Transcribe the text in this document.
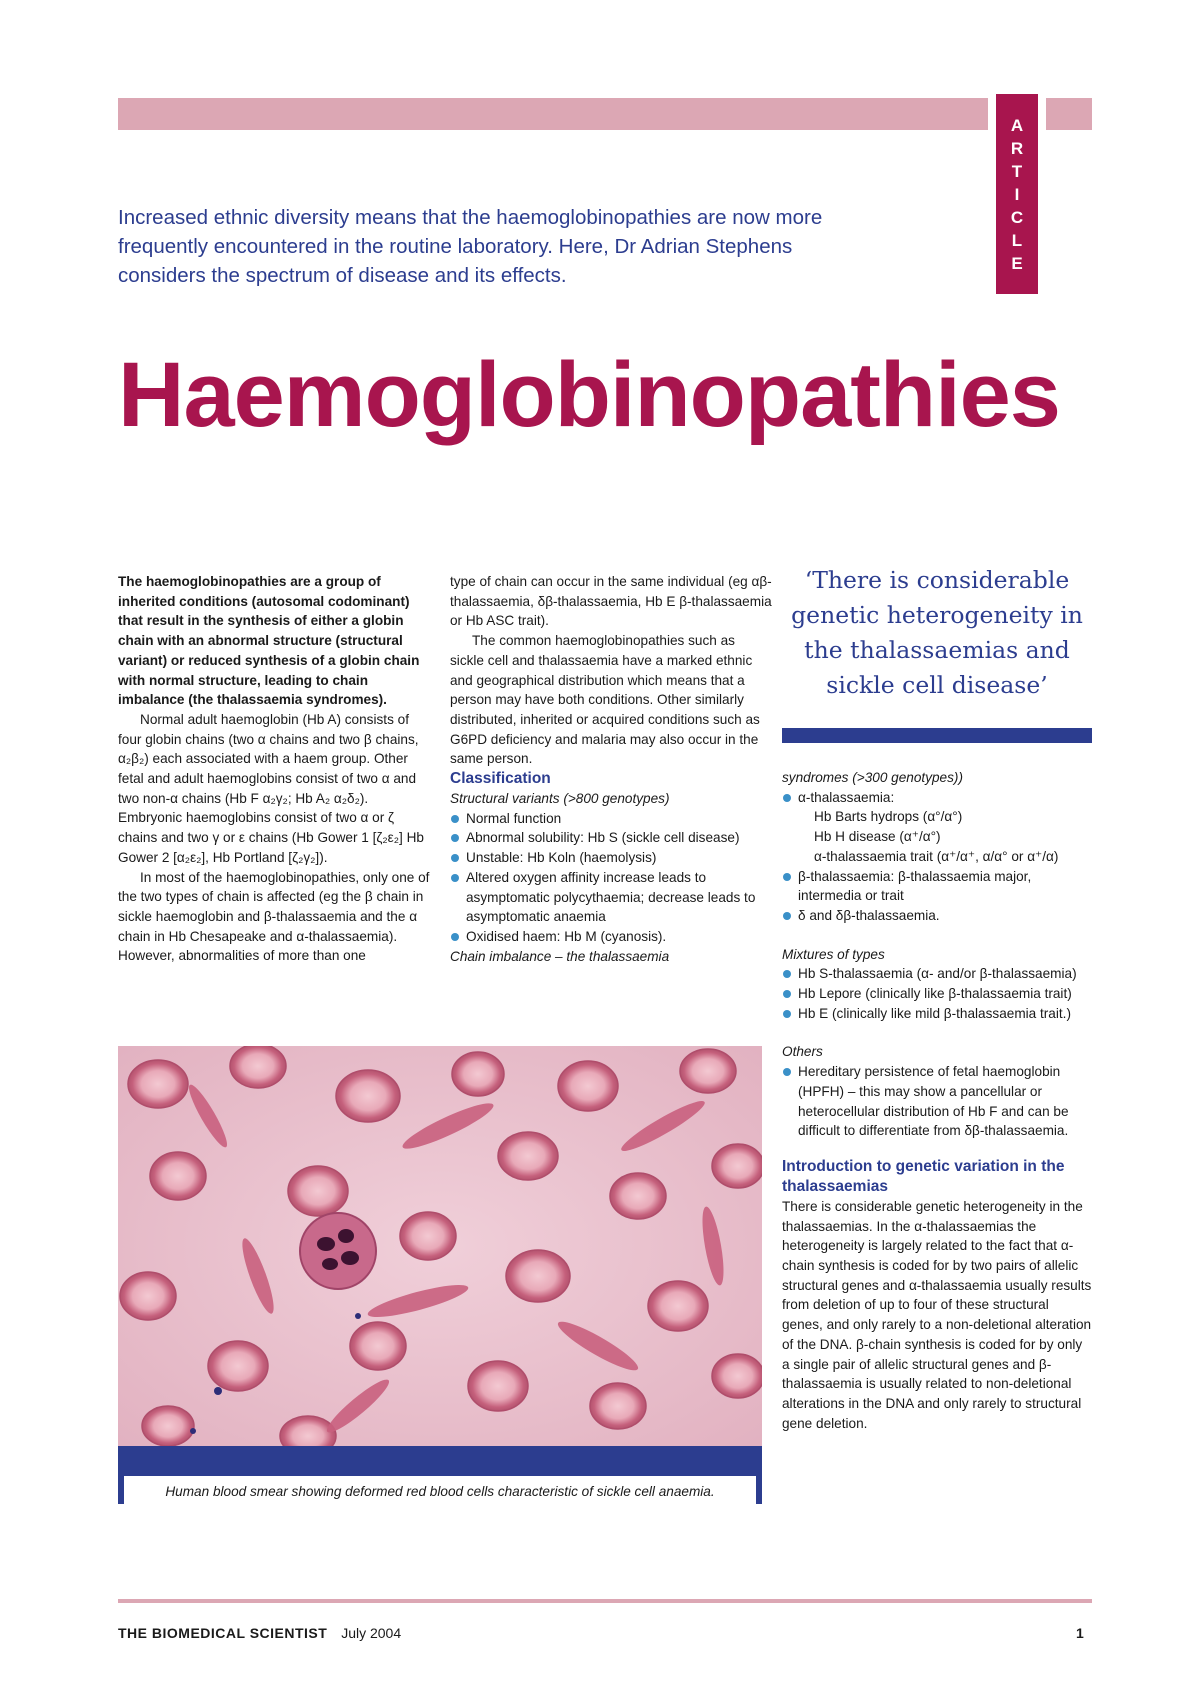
A
R
T
I
C
L
E

Increased ethnic diversity means that the haemoglobinopathies are now more frequently encountered in the routine laboratory. Here, Dr Adrian Stephens considers the spectrum of disease and its effects.

Haemoglobinopathies

The haemoglobinopathies are a group of inherited conditions (autosomal codominant) that result in the synthesis of either a globin chain with an abnormal structure (structural variant) or reduced synthesis of a globin chain with normal structure, leading to chain imbalance (the thalassaemia syndromes).

Normal adult haemoglobin (Hb A) consists of four globin chains (two α chains and two β chains, α₂β₂) each associated with a haem group. Other fetal and adult haemoglobins consist of two α and two non-α chains (Hb F α₂γ₂; Hb A₂ α₂δ₂). Embryonic haemoglobins consist of two α or ζ chains and two γ or ε chains (Hb Gower 1 [ζ₂ε₂] Hb Gower 2 [α₂ε₂], Hb Portland [ζ₂γ₂]).

In most of the haemoglobinopathies, only one of the two types of chain is affected (eg the β chain in sickle haemoglobin and β-thalassaemia and the α chain in Hb Chesapeake and α-thalassaemia). However, abnormalities of more than one

type of chain can occur in the same individual (eg αβ-thalassaemia, δβ-thalassaemia, Hb E β-thalassaemia or Hb ASC trait).

The common haemoglobinopathies such as sickle cell and thalassaemia have a marked ethnic and geographical distribution which means that a person may have both conditions. Other similarly distributed, inherited or acquired conditions such as G6PD deficiency and malaria may also occur in the same person.

Classification

Structural variants (>800 genotypes)

Normal function
Abnormal solubility: Hb S (sickle cell disease)
Unstable: Hb Koln (haemolysis)
Altered oxygen affinity increase leads to asymptomatic polycythaemia; decrease leads to asymptomatic anaemia
Oxidised haem: Hb M (cyanosis).

Chain imbalance – the thalassaemia

‘There is considerable genetic heterogeneity in the thalassaemias and sickle cell disease’

syndromes (>300 genotypes))

α-thalassaemia:
Hb Barts hydrops (α°/α°)
Hb H disease (α⁺/α°)
α-thalassaemia trait (α⁺/α⁺, α/α° or α⁺/α)
β-thalassaemia: β-thalassaemia major, intermedia or trait
δ and δβ-thalassaemia.

Mixtures of types

Hb S-thalassaemia (α- and/or β-thalassaemia)
Hb Lepore (clinically like β-thalassaemia trait)
Hb E (clinically like mild β-thalassaemia trait.)

Others

Hereditary persistence of fetal haemoglobin (HPFH) – this may show a pancellular or heterocellular distribution of Hb F and can be difficult to differentiate from δβ-thalassaemia.

Introduction to genetic variation in the thalassaemias

There is considerable genetic heterogeneity in the thalassaemias. In the α-thalassaemias the heterogeneity is largely related to the fact that α-chain synthesis is coded for by two pairs of allelic structural genes and α-thalassaemia usually results from deletion of up to four of these structural genes, and only rarely to a non-deletional alteration of the DNA. β-chain synthesis is coded for by only a single pair of allelic structural genes and β-thalassaemia is usually related to non-deletional alterations in the DNA and only rarely to structural gene deletion.

Human blood smear showing deformed red blood cells characteristic of sickle cell anaemia.
THE BIOMEDICAL SCIENTIST July 2004	1
